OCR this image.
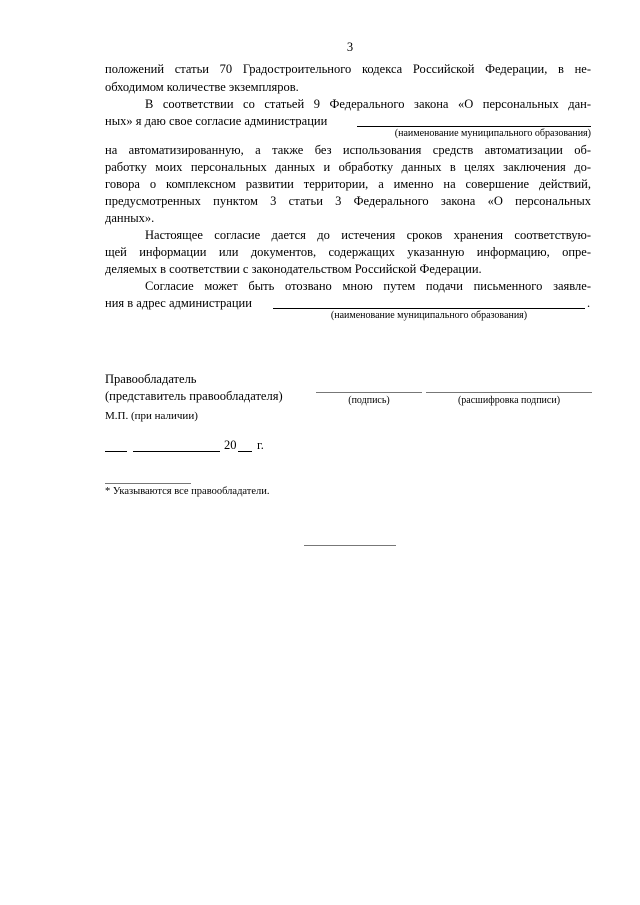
3
положений статьи 70 Градостроительного кодекса Российской Федерации, в не-
обходимом количестве экземпляров.
В соответствии со статьей 9 Федерального закона «О персональных дан-
ных» я даю свое согласие администрации
(наименование муниципального образования)
на автоматизированную, а также без использования средств автоматизации об-
работку моих персональных данных и обработку данных в целях заключения до-
говора о комплексном развитии территории, а именно на совершение действий,
предусмотренных пунктом 3 статьи 3 Федерального закона «О персональных
данных».
Настоящее согласие дается до истечения сроков хранения соответствую-
щей информации или документов, содержащих указанную информацию, опре-
деляемых в соответствии с законодательством Российской Федерации.
Согласие может быть отозвано мною путем подачи письменного заявле-
ния в адрес администрации	.
(наименование муниципального образования)
Правообладатель
(представитель правообладателя)	(подпись)	(расшифровка подписи)
М.П. (при наличии)
20 г.
* Указываются все правообладатели.
